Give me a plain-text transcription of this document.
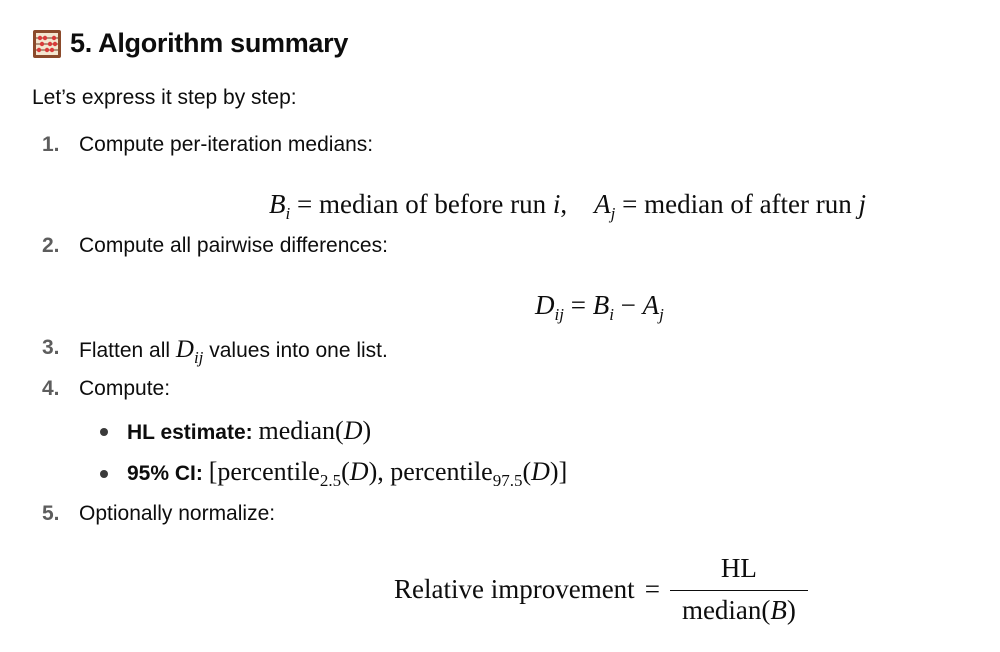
5. Algorithm summary
Let’s express it step by step:
1. Compute per-iteration medians:
$B_i$ = median of before run i,    $A_j$ = median of after run j
2. Compute all pairwise differences:
$D_{ij} = B_i - A_j$
3. Flatten all $D_{ij}$ values into one list.
4. Compute:
HL estimate: median(D)
95% CI: [percentile$_{2.5}$(D), percentile$_{97.5}$(D)]
5. Optionally normalize:
Relative improvement = $\frac{HL}{\text{median(B)}}$
